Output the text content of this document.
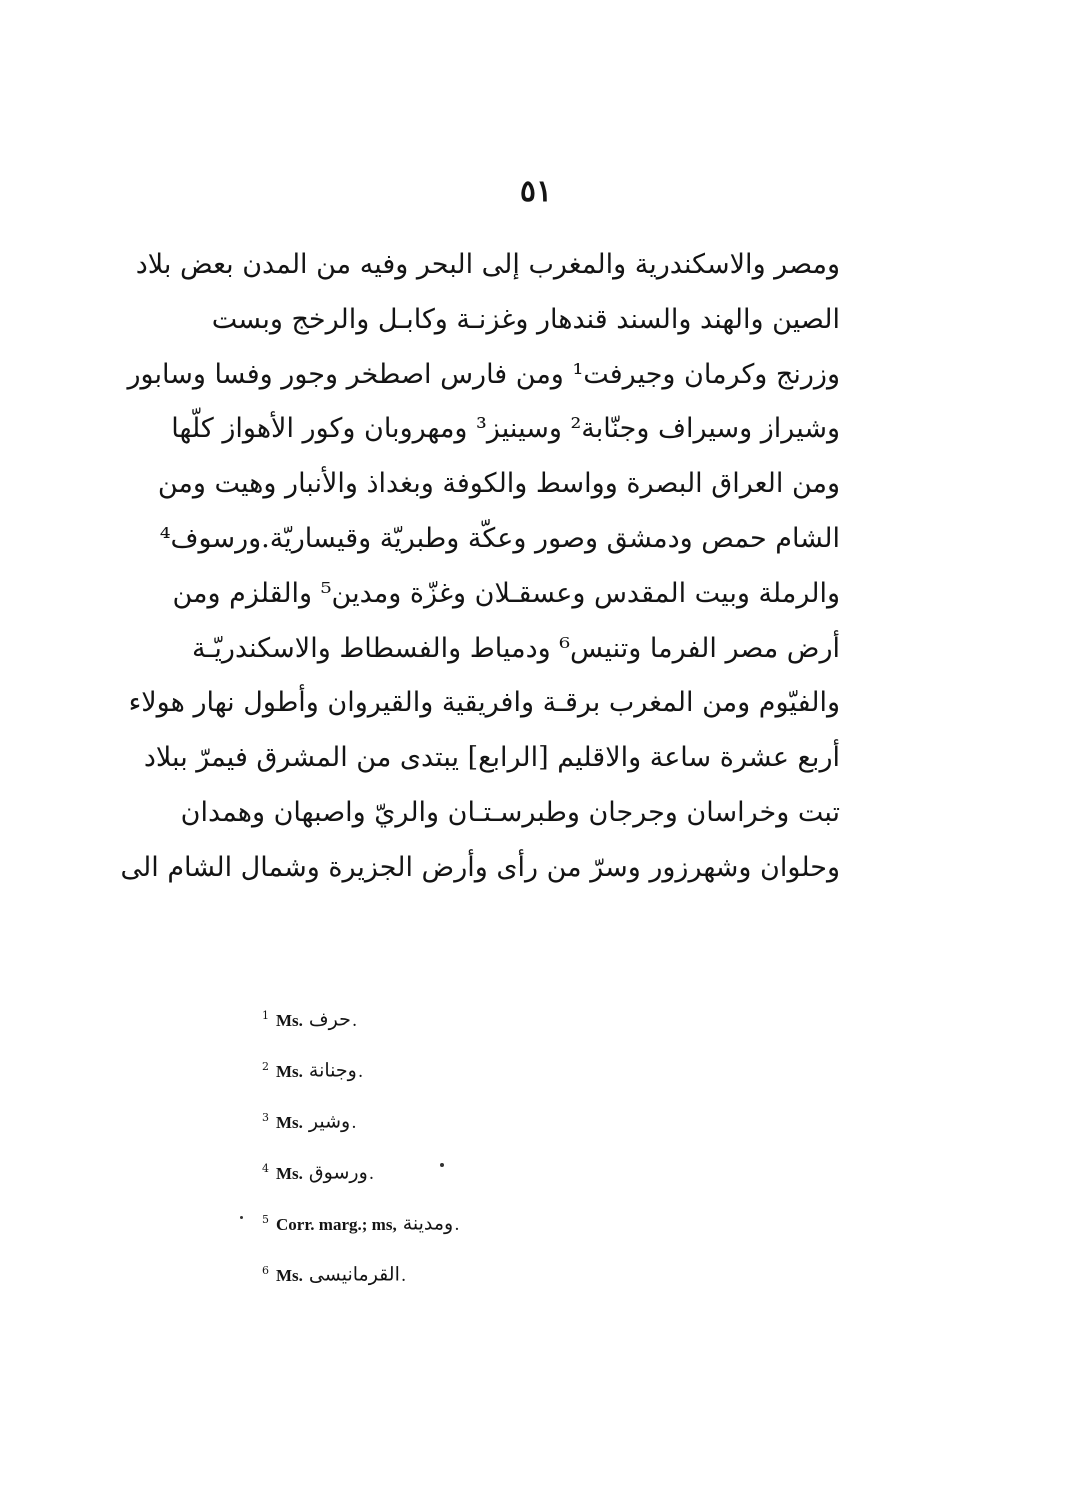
٥١
ومصر والاسكندرية والمغرب إلى البحر وفيه من المدن بعض بلاد
الصين والهند والسند قندهار وغزنـة وكابـل والرخج وبست
وزرنج وكرمان وجيرفت¹ ومن فارس اصطخر وجور وفسا وسابور
وشيراز وسيراف وجنّابة² وسينيز³ ومهروبان وكور الأهواز كلّها
ومن العراق البصرة وواسط والكوفة وبغداذ والأنبار وهيت ومن
الشام حمص ودمشق وصور وعكّة وطبريّة وقيساريّة.ورسوف⁴
والرملة وبيت المقدس وعسقـلان وغزّة ومدين⁵ والقلزم ومن
أرض مصر الفرما وتنيس⁶ ودمياط والفسطاط والاسكندريّـة
والفيّوم ومن المغرب برقـة وافريقية والقيروان وأطول نهار هولاء
أربع عشرة ساعة والاقليم [الرابع] يبتدى من المشرق فيمرّ ببلاد
تبت وخراسان وجرجان وطبرسـتـان والريّ واصبهان وهمدان
وحلوان وشهرزور وسرّ من رأى وأرض الجزيرة وشمال الشام الى
$^1$ Ms. حرف.
$^2$ Ms. وجنانة.
$^3$ Ms. وشير.
$^4$ Ms. ورسوق.
$^5$ Corr. marg.; ms, ومدينة.
$^6$ Ms. القرمانيسى.
